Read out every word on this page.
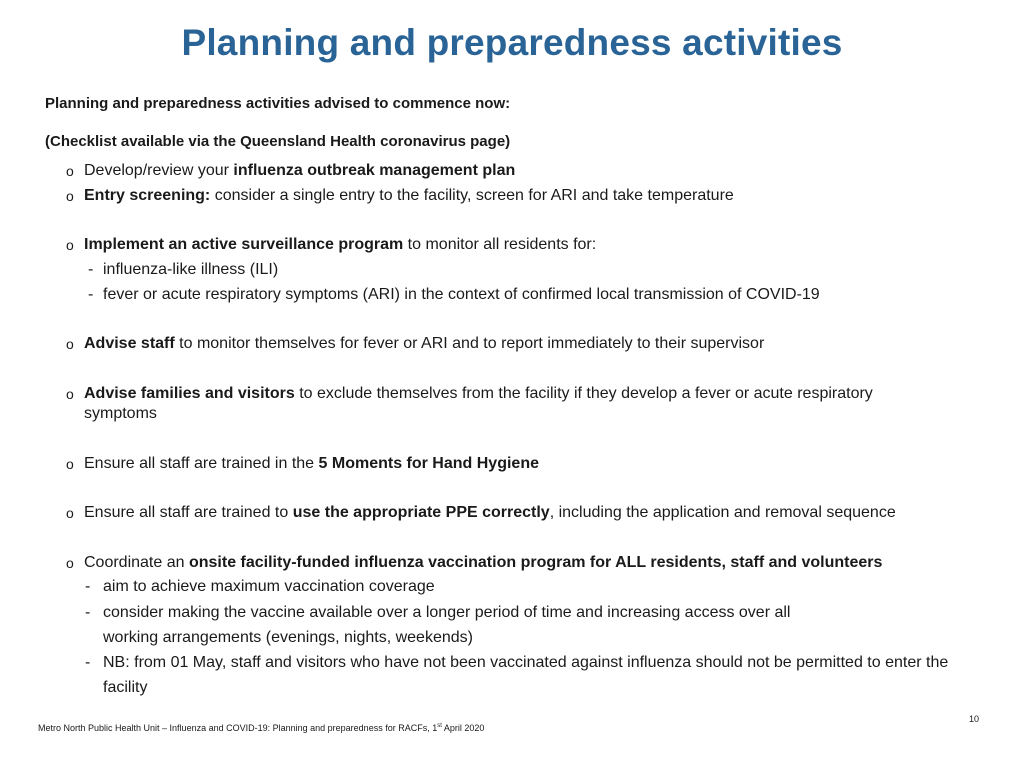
Planning and preparedness activities

Planning and preparedness activities advised to commence now:

(Checklist available via the Queensland Health coronavirus page)

o Develop/review your influenza outbreak management plan
o Entry screening: consider a single entry to the facility, screen for ARI and take temperature
o Implement an active surveillance program to monitor all residents for:
- influenza-like illness (ILI)
- fever or acute respiratory symptoms (ARI) in the context of confirmed local transmission of COVID-19
o Advise staff to monitor themselves for fever or ARI and to report immediately to their supervisor
o Advise families and visitors to exclude themselves from the facility if they develop a fever or acute respiratory symptoms
o Ensure all staff are trained in the 5 Moments for Hand Hygiene
o Ensure all staff are trained to use the appropriate PPE correctly, including the application and removal sequence
o Coordinate an onsite facility-funded influenza vaccination program for ALL residents, staff and volunteers
- aim to achieve maximum vaccination coverage
- consider making the vaccine available over a longer period of time and increasing access over all working arrangements (evenings, nights, weekends)
- NB: from 01 May, staff and visitors who have not been vaccinated against influenza should not be permitted to enter the facility
Metro North Public Health Unit – Influenza and COVID-19: Planning and preparedness for RACFs, 1st April 2020
10
